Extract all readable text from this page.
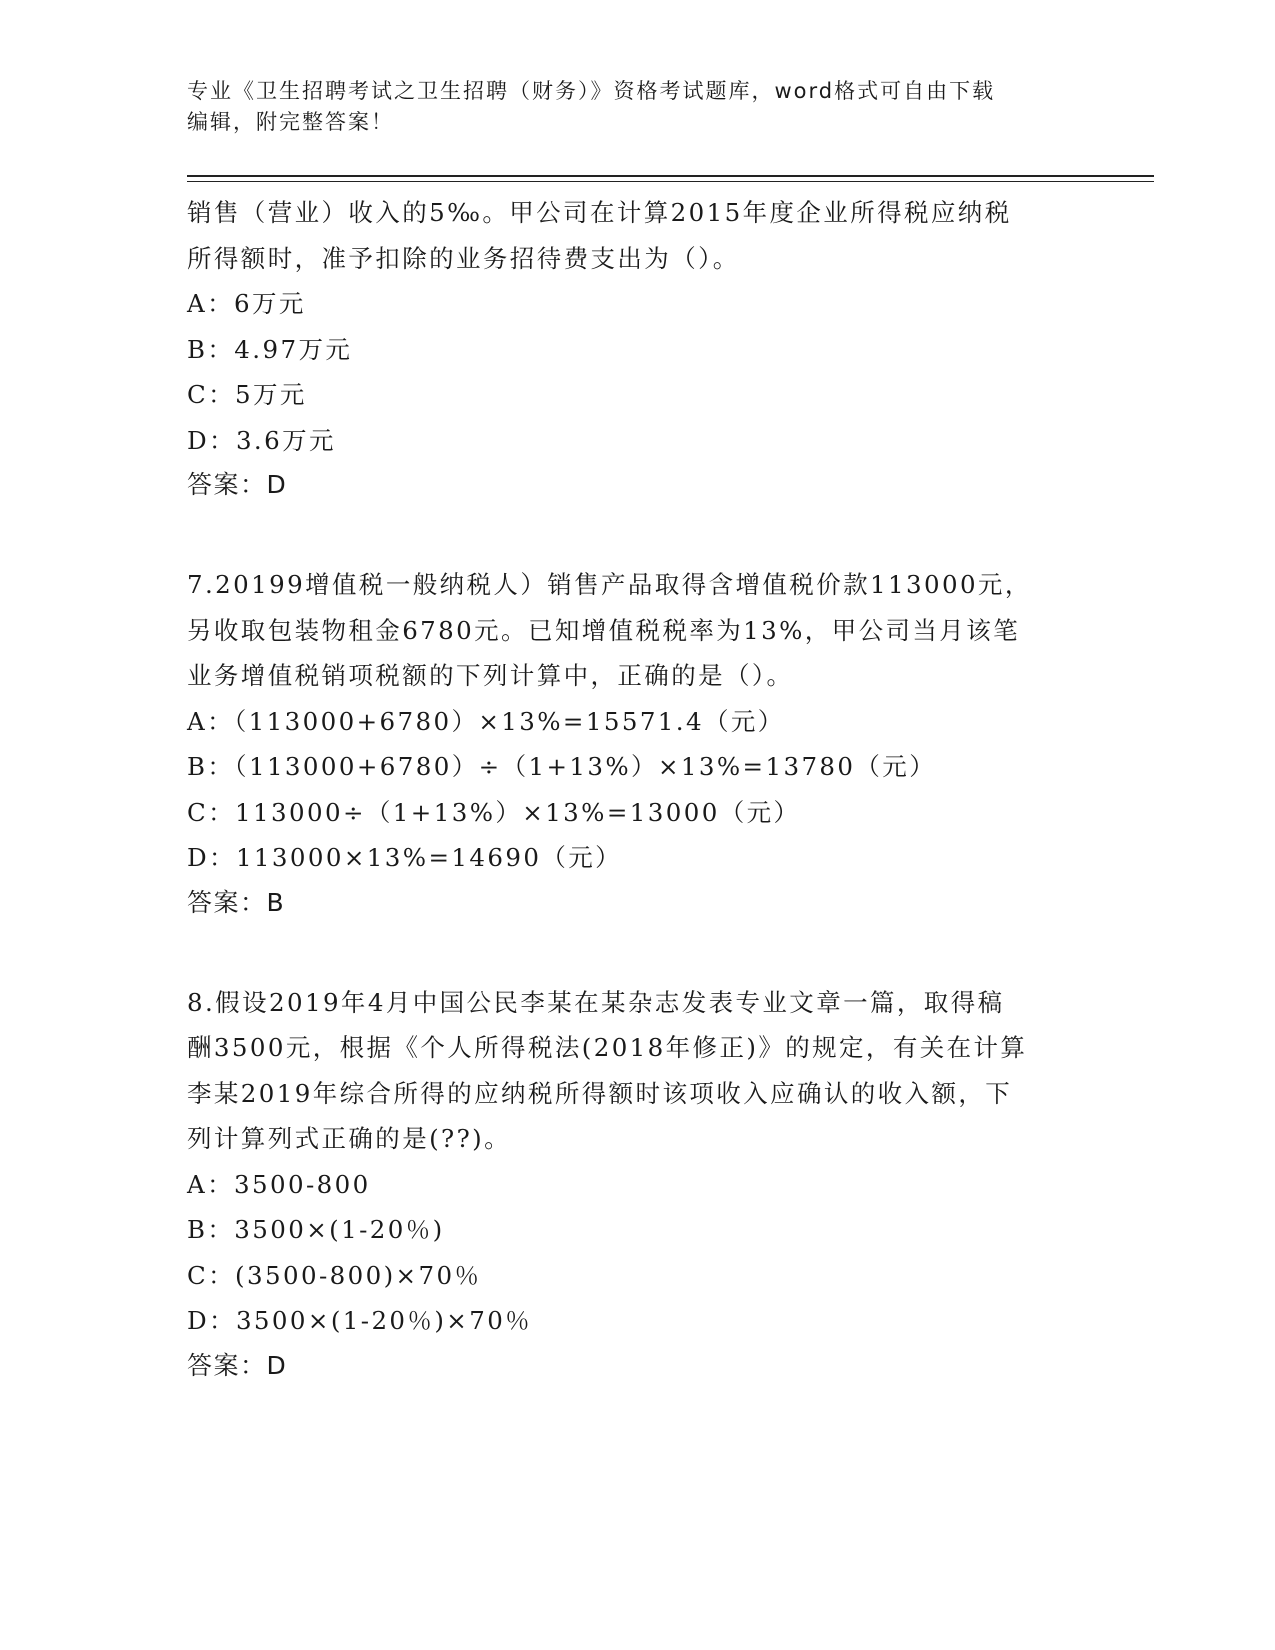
专业《卫生招聘考试之卫生招聘（财务）》资格考试题库，word格式可自由下载
编辑，附完整答案！
销售（营业）收入的5‰。甲公司在计算2015年度企业所得税应纳税
所得额时，准予扣除的业务招待费支出为（）。
A：6万元
B：4.97万元
C：5万元
D：3.6万元
答案：D
7.20199增值税一般纳税人）销售产品取得含增值税价款113000元，
另收取包装物租金6780元。已知增值税税率为13%，甲公司当月该笔
业务增值税销项税额的下列计算中，正确的是（）。
A：（113000+6780）×13%=15571.4（元）
B：（113000+6780）÷（1+13%）×13%=13780（元）
C：113000÷（1+13%）×13%=13000（元）
D：113000×13%=14690（元）
答案：B
8.假设2019年4月中国公民李某在某杂志发表专业文章一篇，取得稿
酬3500元，根据《个人所得税法(2018年修正)》的规定，有关在计算
李某2019年综合所得的应纳税所得额时该项收入应确认的收入额，下
列计算列式正确的是(??)。
A：3500-800
B：3500×(1-20％)
C：(3500-800)×70％
D：3500×(1-20％)×70％
答案：D
